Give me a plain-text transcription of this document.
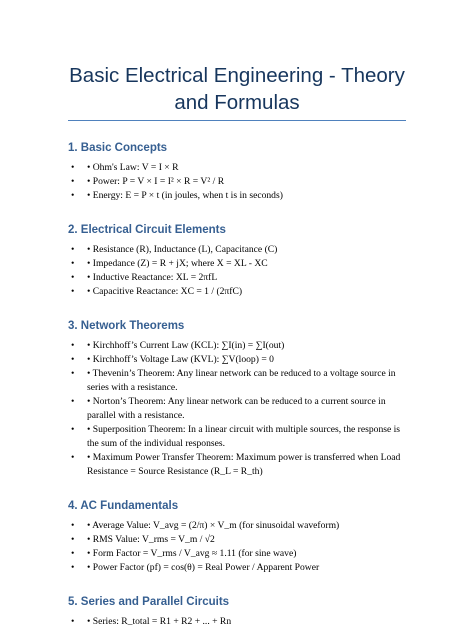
Basic Electrical Engineering - Theory and Formulas
1. Basic Concepts
• • Ohm's Law: V = I × R
• • Power: P = V × I = I² × R = V² / R
• • Energy: E = P × t (in joules, when t is in seconds)
2. Electrical Circuit Elements
• • Resistance (R), Inductance (L), Capacitance (C)
• • Impedance (Z) = R + jX; where X = XL - XC
• • Inductive Reactance: XL = 2πfL
• • Capacitive Reactance: XC = 1 / (2πfC)
3. Network Theorems
• • Kirchhoff’s Current Law (KCL): ∑I(in) = ∑I(out)
• • Kirchhoff’s Voltage Law (KVL): ∑V(loop) = 0
• • Thevenin’s Theorem: Any linear network can be reduced to a voltage source in series with a resistance.
• • Norton’s Theorem: Any linear network can be reduced to a current source in parallel with a resistance.
• • Superposition Theorem: In a linear circuit with multiple sources, the response is the sum of the individual responses.
• • Maximum Power Transfer Theorem: Maximum power is transferred when Load Resistance = Source Resistance (R_L = R_th)
4. AC Fundamentals
• • Average Value: V_avg = (2/π) × V_m (for sinusoidal waveform)
• • RMS Value: V_rms = V_m / √2
• • Form Factor = V_rms / V_avg ≈ 1.11 (for sine wave)
• • Power Factor (pf) = cos(θ) = Real Power / Apparent Power
5. Series and Parallel Circuits
• • Series: R_total = R1 + R2 + ... + Rn
